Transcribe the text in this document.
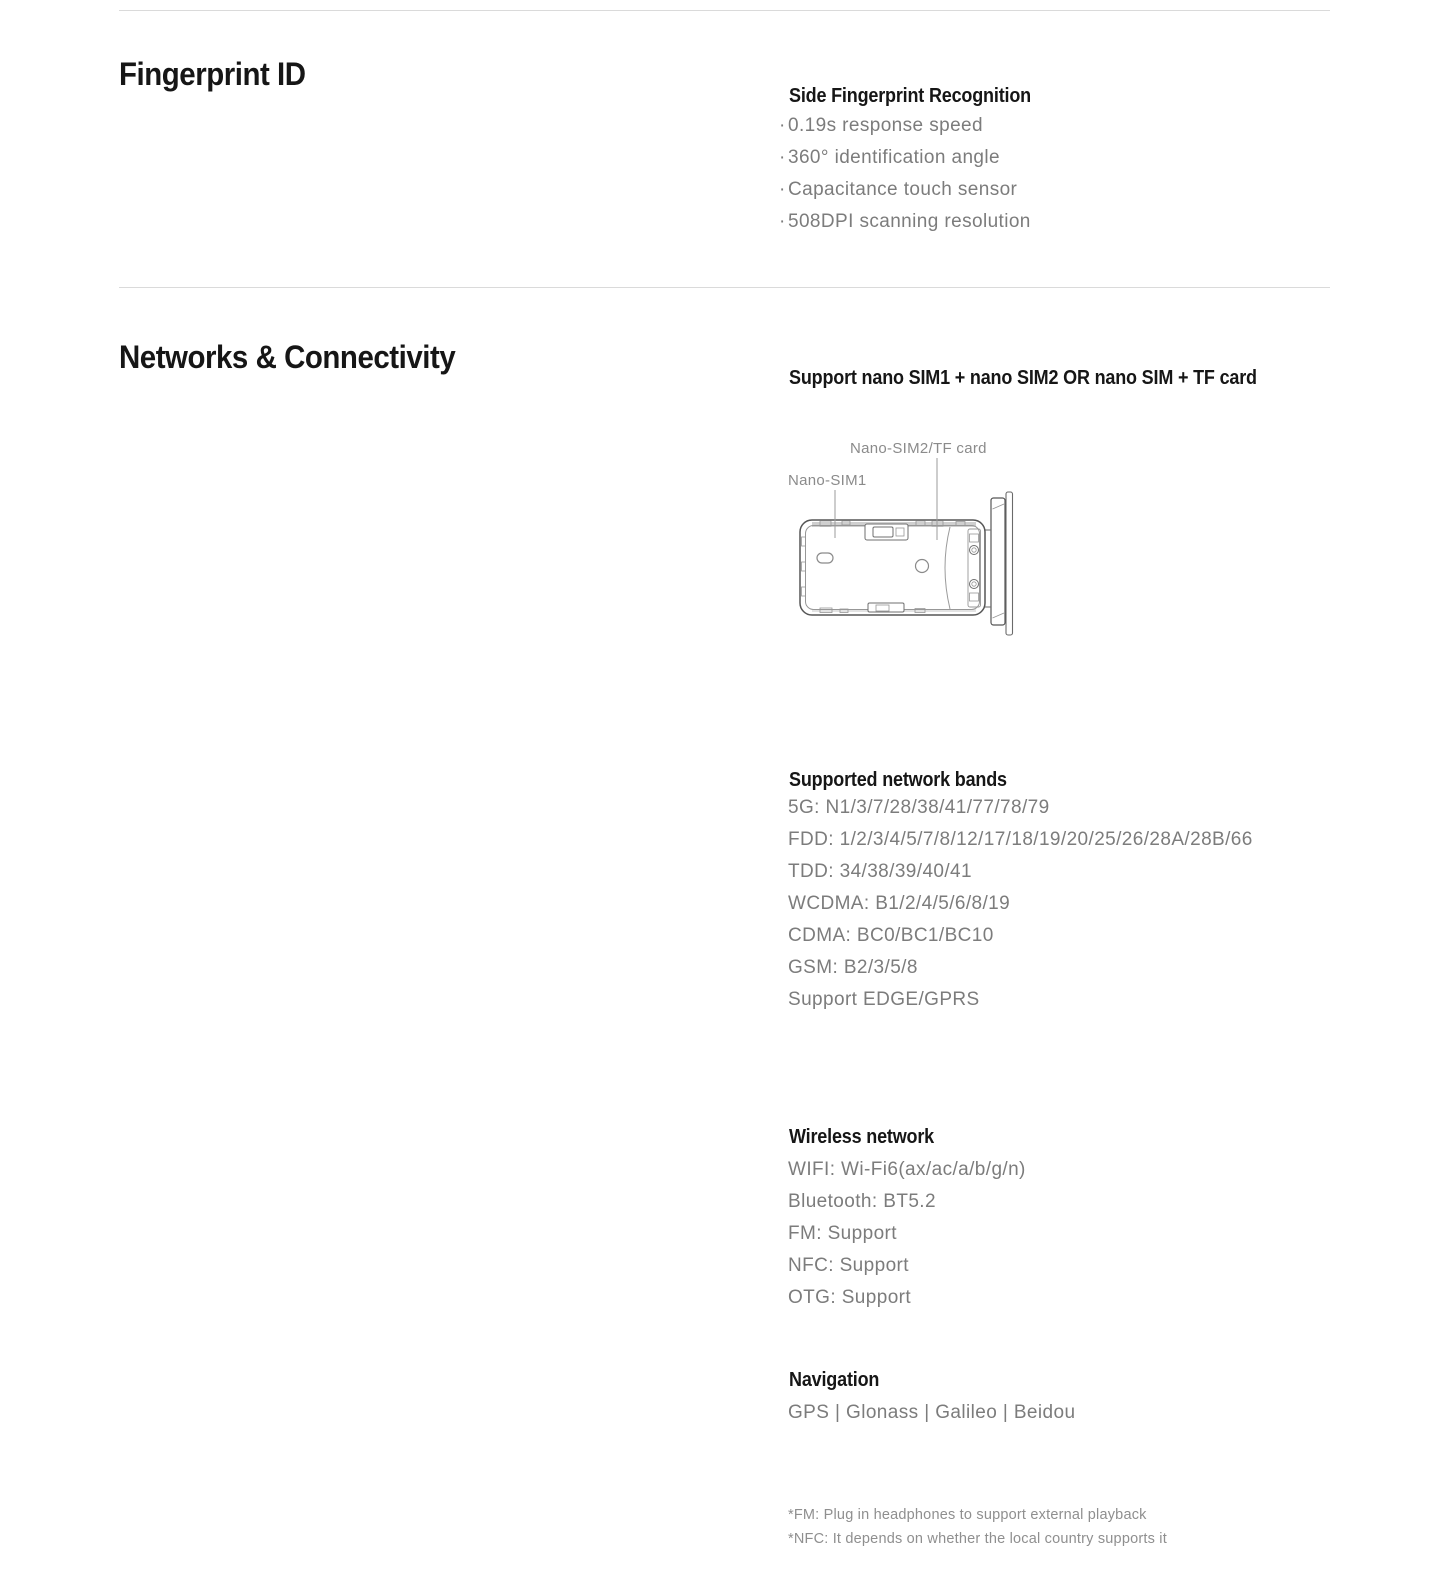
Fingerprint ID
Side Fingerprint Recognition
· 0.19s response speed
· 360° identification angle
· Capacitance touch sensor
· 508DPI scanning resolution
Networks & Connectivity
Support nano SIM1 + nano SIM2 OR nano SIM + TF card
Nano-SIM2/TF card
Nano-SIM1
Supported network bands
5G: N1/3/7/28/38/41/77/78/79
FDD: 1/2/3/4/5/7/8/12/17/18/19/20/25/26/28A/28B/66
TDD: 34/38/39/40/41
WCDMA: B1/2/4/5/6/8/19
CDMA: BC0/BC1/BC10
GSM: B2/3/5/8
Support EDGE/GPRS
Wireless network
WIFI: Wi-Fi6(ax/ac/a/b/g/n)
Bluetooth: BT5.2
FM: Support
NFC: Support
OTG: Support
Navigation
GPS | Glonass | Galileo | Beidou
*FM: Plug in headphones to support external playback
*NFC: It depends on whether the local country supports it
